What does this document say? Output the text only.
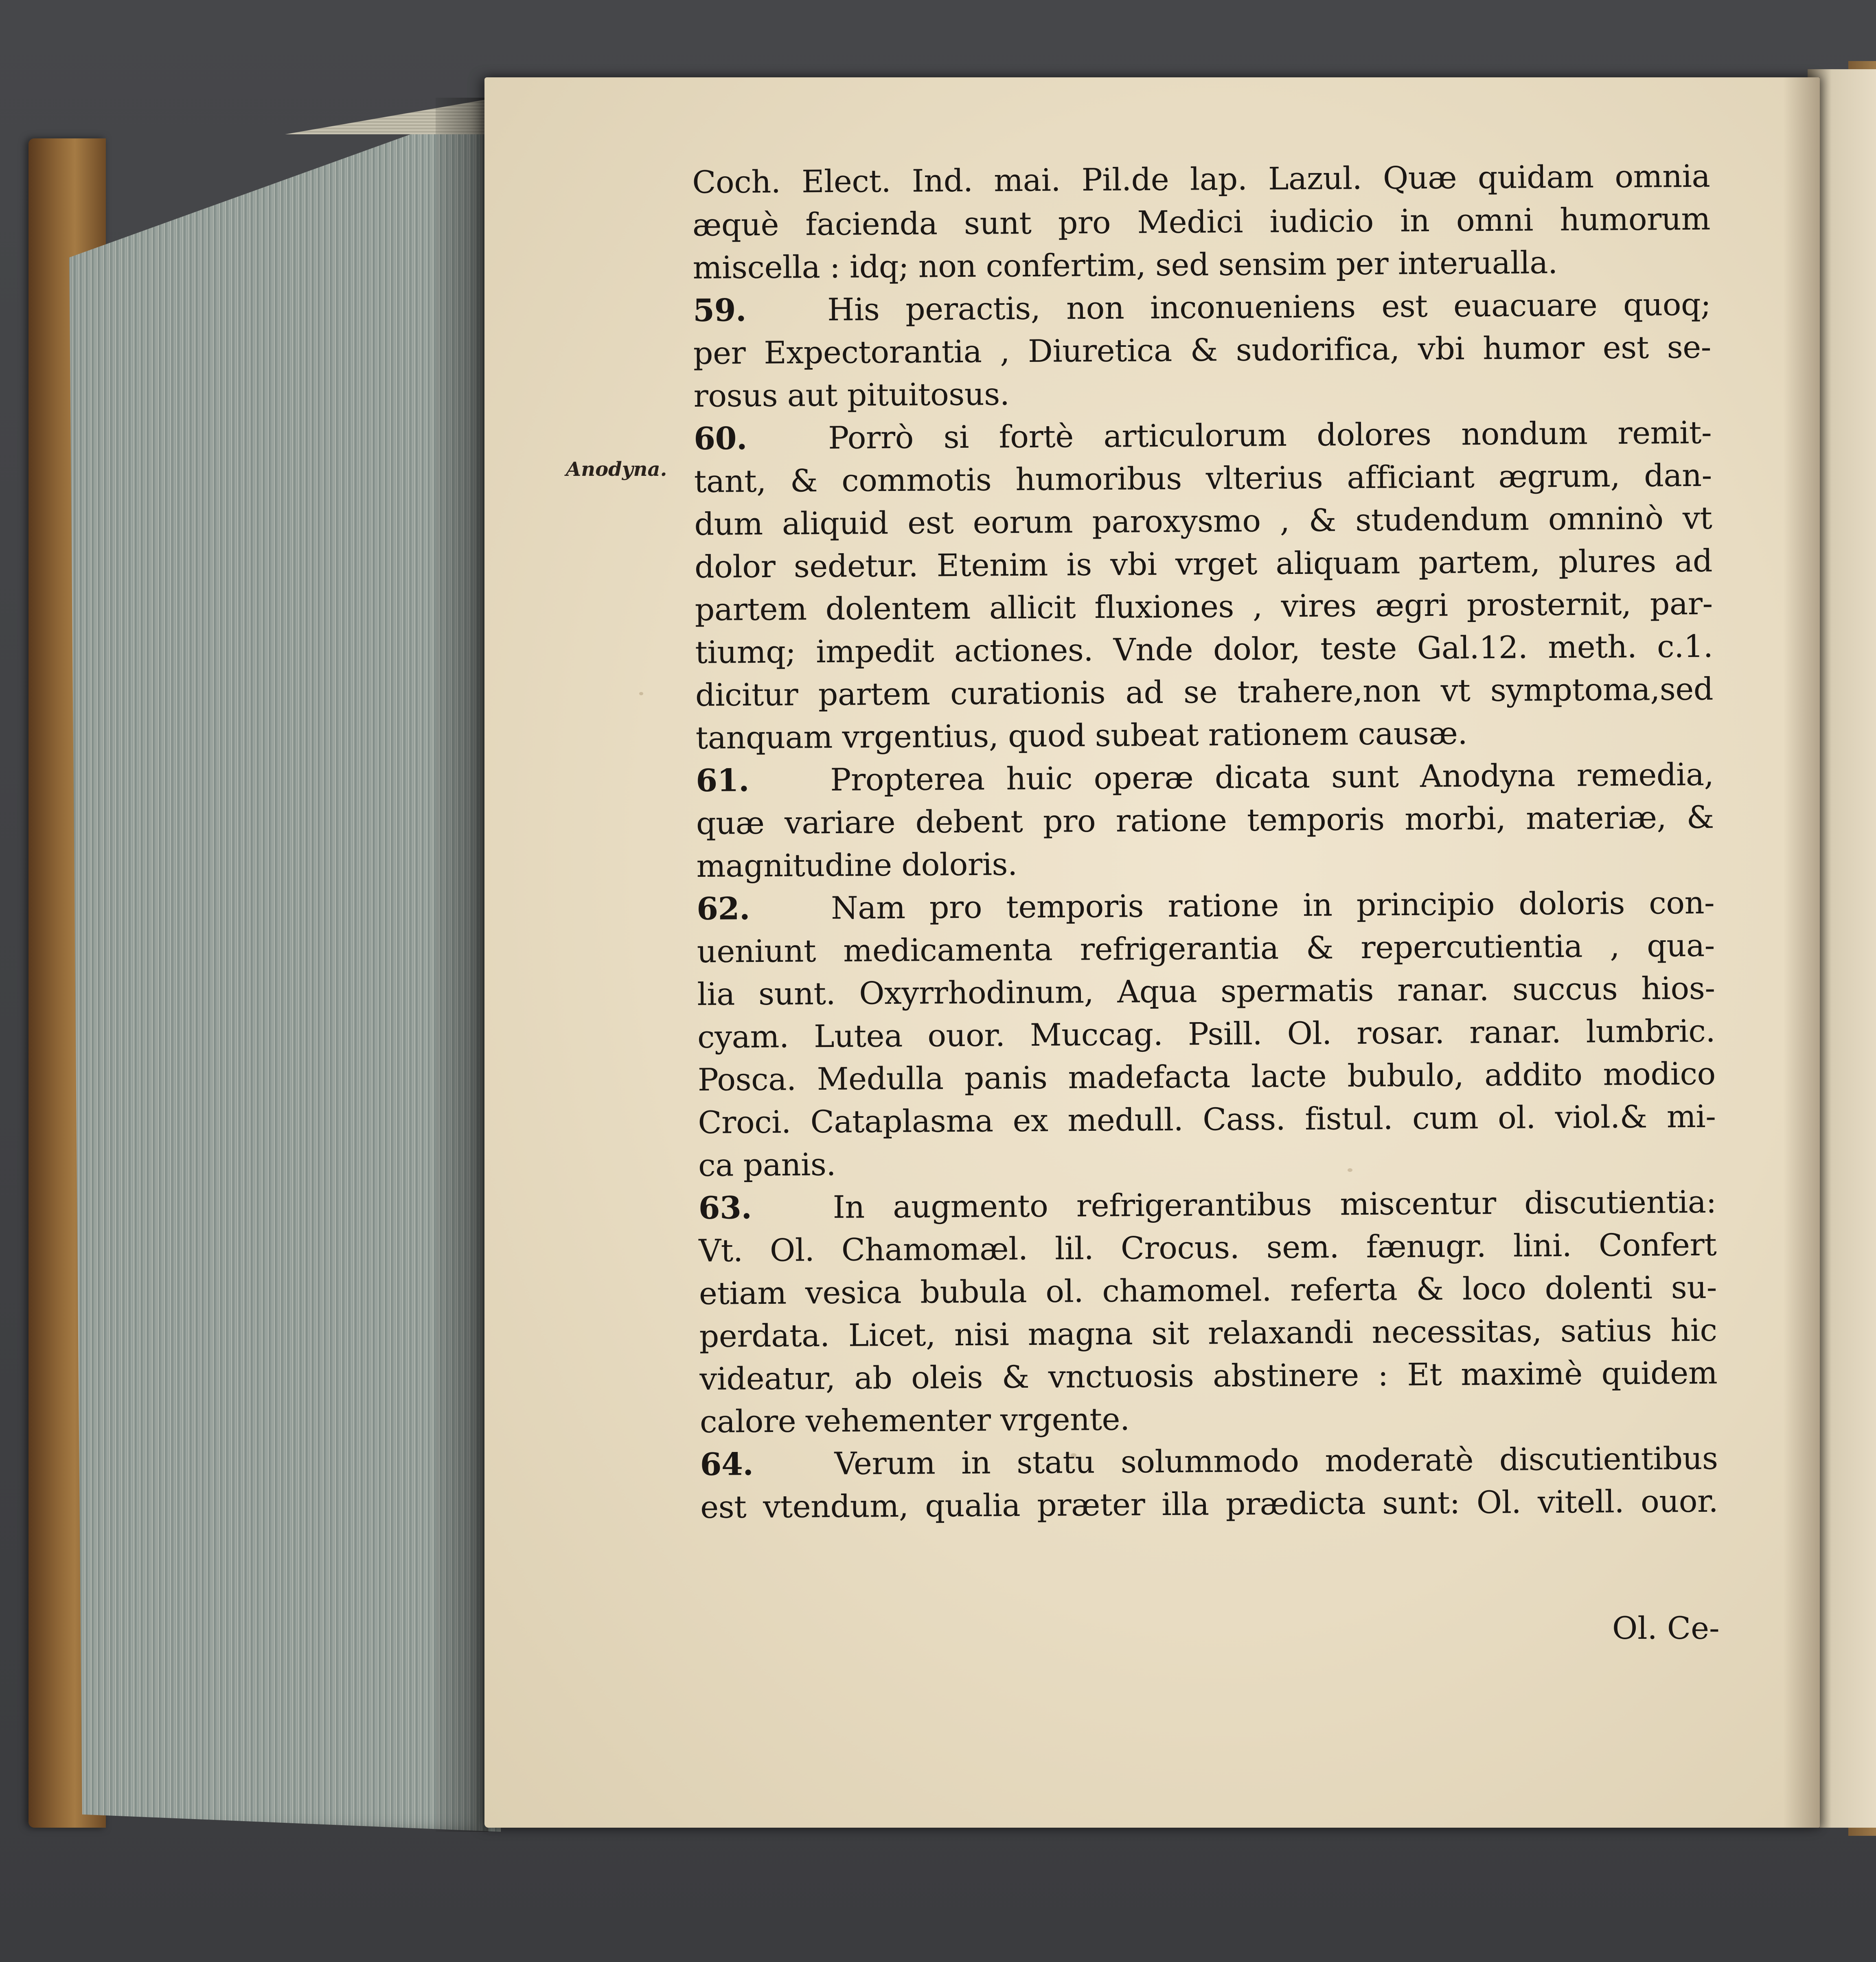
Anodyna.
Coch. Elect. Ind. mai. Pil.de lap. Lazul. Quæ quidam omnia
æquè facienda sunt pro Medici iudicio in omni humorum
miscella : idq; non confertim, sed sensim per interualla.
59.	His peractis, non inconueniens est euacuare quoq;
per Expectorantia , Diuretica & sudorifica, vbi humor est se-
rosus aut pituitosus.
60.	Porrò si fortè articulorum dolores nondum remit-
tant, & commotis humoribus vlterius afficiant ægrum, dan-
dum aliquid est eorum paroxysmo , & studendum omninò vt
dolor sedetur. Etenim is vbi vrget aliquam partem, plures ad
partem dolentem allicit fluxiones , vires ægri prosternit, par-
tiumq; impedit actiones. Vnde dolor, teste Gal.12. meth. c.1.
dicitur partem curationis ad se trahere,non vt symptoma,sed
tanquam vrgentius, quod subeat rationem causæ.
61.	Propterea huic operæ dicata sunt Anodyna remedia,
quæ variare debent pro ratione temporis morbi, materiæ, &
magnitudine doloris.
62.	Nam pro temporis ratione in principio doloris con-
ueniunt medicamenta refrigerantia & repercutientia , qua-
lia sunt. Oxyrrhodinum, Aqua spermatis ranar. succus hios-
cyam. Lutea ouor. Muccag. Psill. Ol. rosar. ranar. lumbric.
Posca. Medulla panis madefacta lacte bubulo, addito modico
Croci. Cataplasma ex medull. Cass. fistul. cum ol. viol.& mi-
ca panis.
63.	In augmento refrigerantibus miscentur discutientia:
Vt. Ol. Chamomæl. lil. Crocus. sem. fænugr. lini. Confert
etiam vesica bubula ol. chamomel. referta & loco dolenti su-
perdata. Licet, nisi magna sit relaxandi necessitas, satius hic
videatur, ab oleis & vnctuosis abstinere : Et maximè quidem
calore vehementer vrgente.
64.	Verum in statu solummodo moderatè discutientibus
est vtendum, qualia præter illa prædicta sunt: Ol. vitell. ouor.
Ol. Ce-
